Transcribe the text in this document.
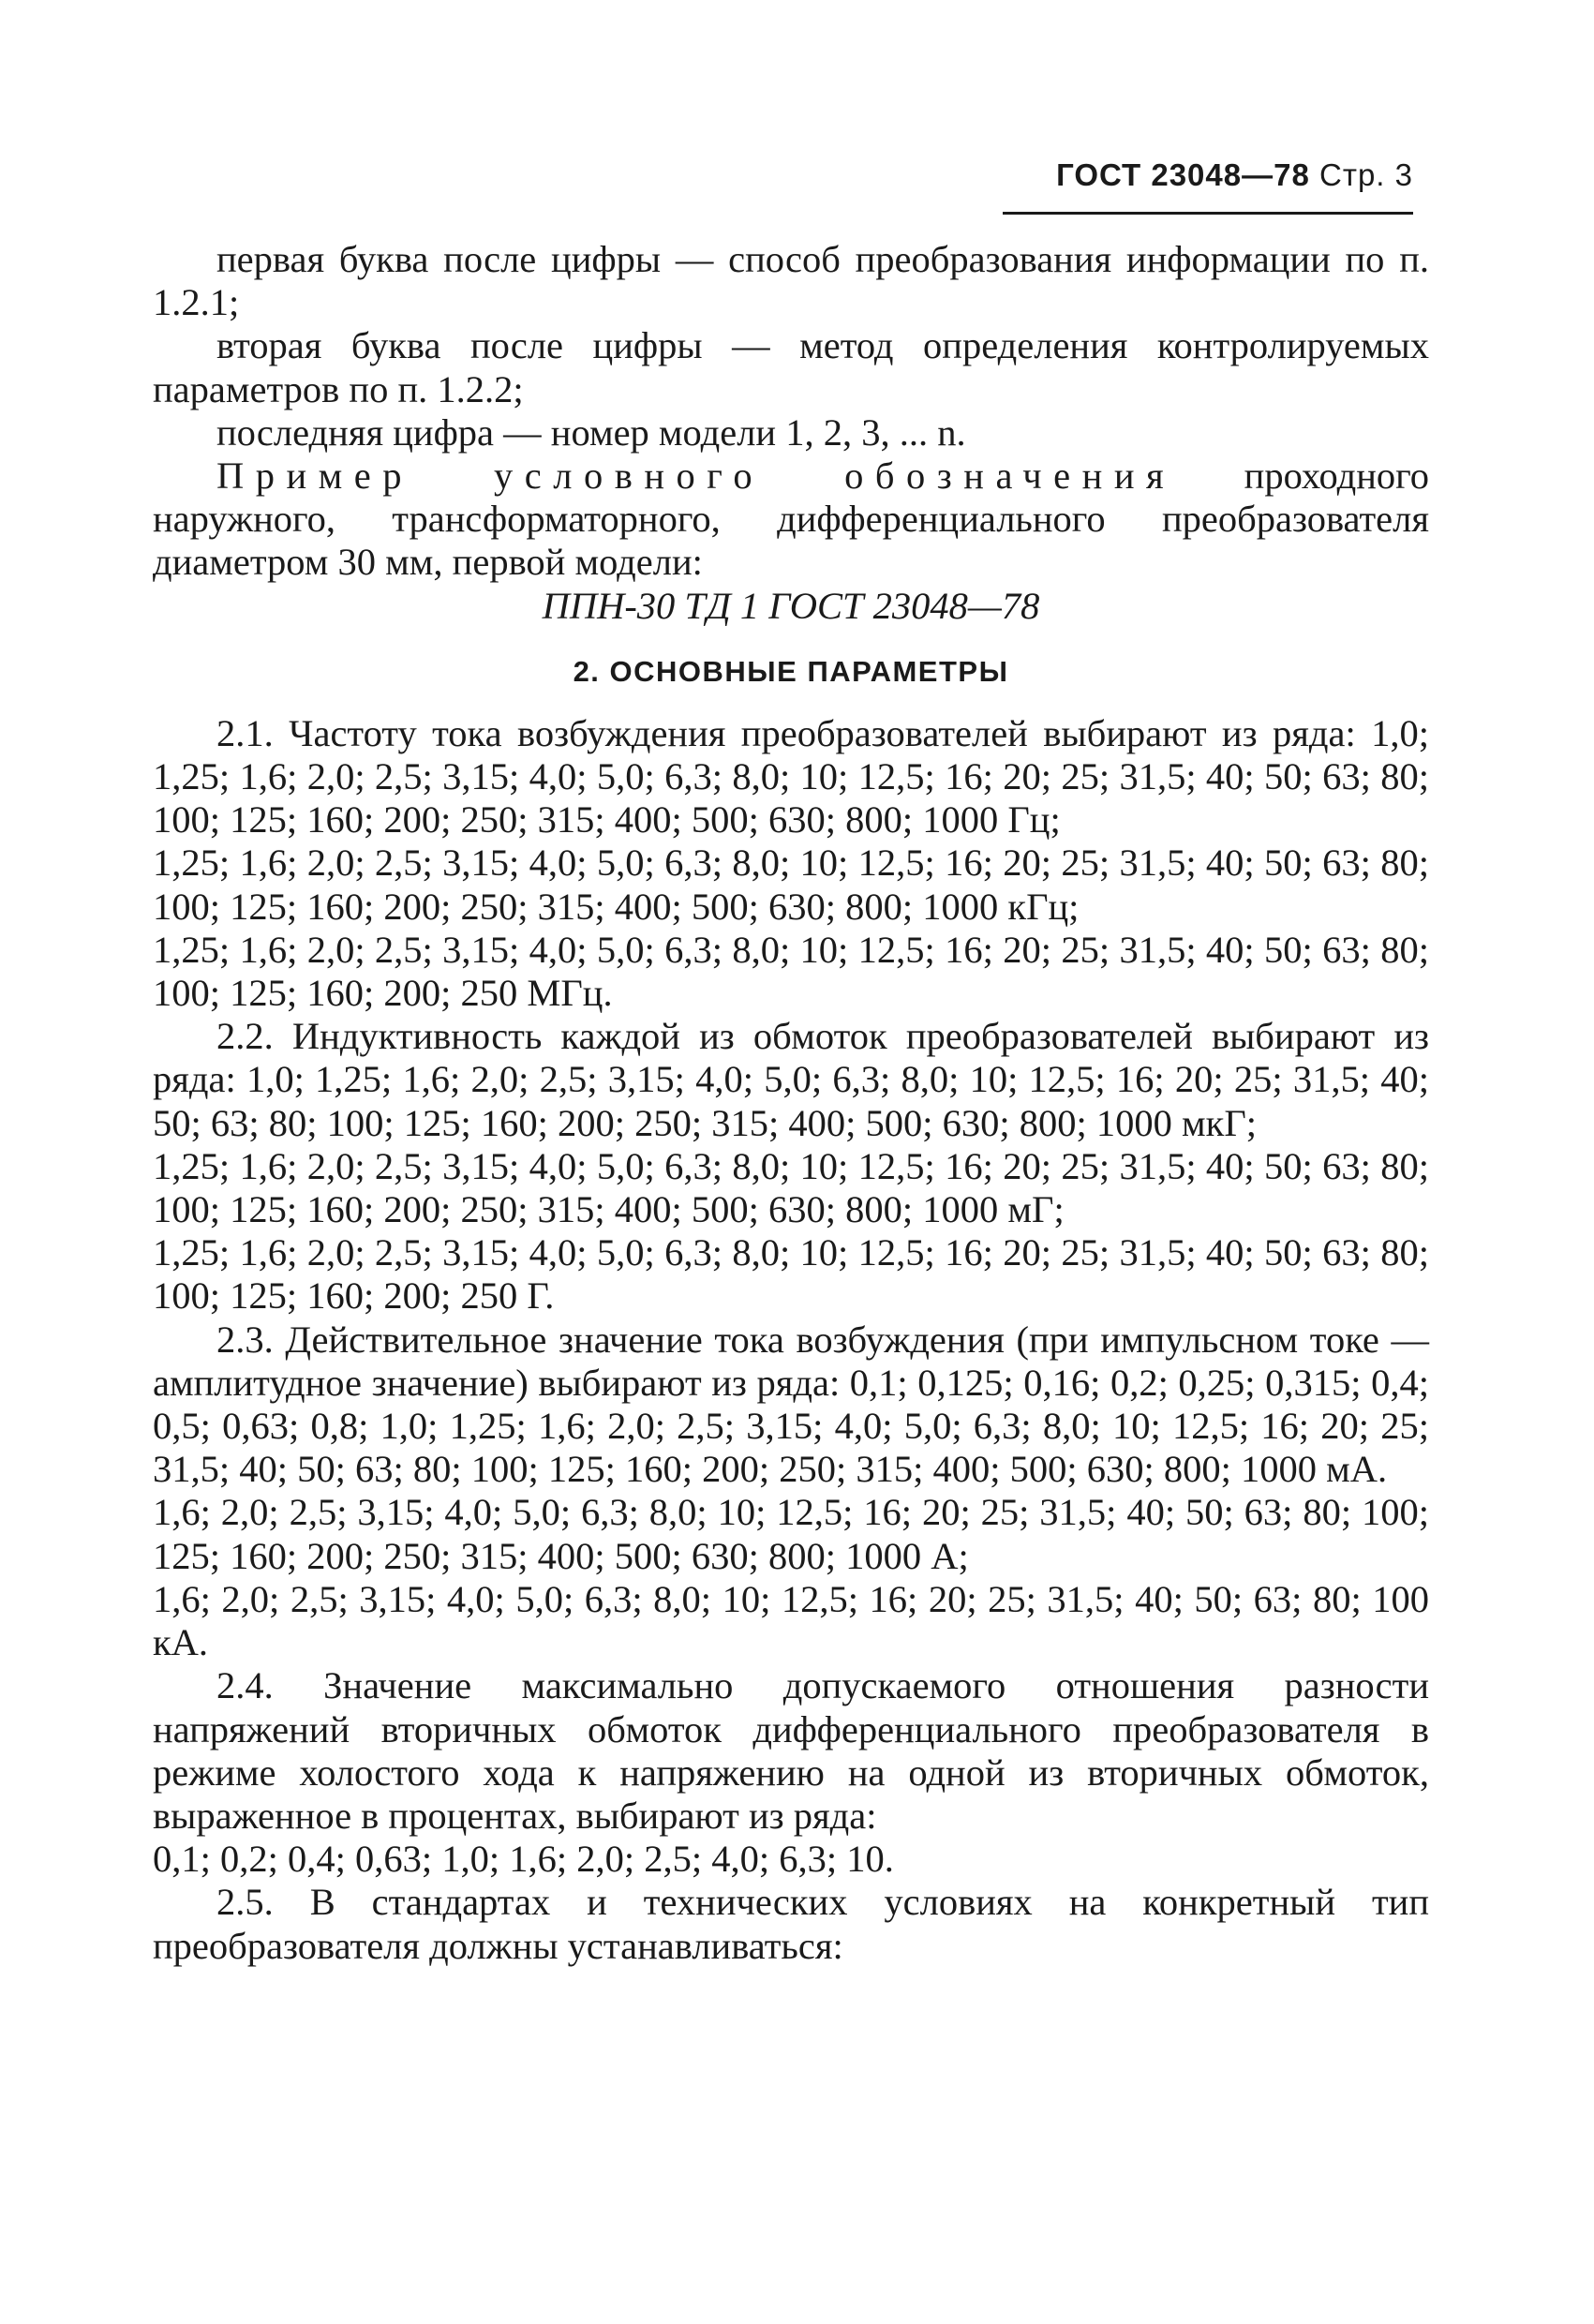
ГОСТ 23048—78 Стр. 3

первая буква после цифры — способ преобразования информации по п. 1.2.1;

вторая буква после цифры — метод определения контролируемых параметров по п. 1.2.2;

последняя цифра — номер модели 1, 2, 3, ... n.

Пример условного обозначения проходного наружного, трансформаторного, дифференциального преобразователя диаметром 30 мм, первой модели:

ППН-30 ТД 1 ГОСТ 23048—78

2. ОСНОВНЫЕ ПАРАМЕТРЫ

2.1. Частоту тока возбуждения преобразователей выбирают из ряда: 1,0; 1,25; 1,6; 2,0; 2,5; 3,15; 4,0; 5,0; 6,3; 8,0; 10; 12,5; 16; 20; 25; 31,5; 40; 50; 63; 80; 100; 125; 160; 200; 250; 315; 400; 500; 630; 800; 1000 Гц;

1,25; 1,6; 2,0; 2,5; 3,15; 4,0; 5,0; 6,3; 8,0; 10; 12,5; 16; 20; 25; 31,5; 40; 50; 63; 80; 100; 125; 160; 200; 250; 315; 400; 500; 630; 800; 1000 кГц;

1,25; 1,6; 2,0; 2,5; 3,15; 4,0; 5,0; 6,3; 8,0; 10; 12,5; 16; 20; 25; 31,5; 40; 50; 63; 80; 100; 125; 160; 200; 250 МГц.

2.2. Индуктивность каждой из обмоток преобразователей выбирают из ряда: 1,0; 1,25; 1,6; 2,0; 2,5; 3,15; 4,0; 5,0; 6,3; 8,0; 10; 12,5; 16; 20; 25; 31,5; 40; 50; 63; 80; 100; 125; 160; 200; 250; 315; 400; 500; 630; 800; 1000 мкГ;

1,25; 1,6; 2,0; 2,5; 3,15; 4,0; 5,0; 6,3; 8,0; 10; 12,5; 16; 20; 25; 31,5; 40; 50; 63; 80; 100; 125; 160; 200; 250; 315; 400; 500; 630; 800; 1000 мГ;

1,25; 1,6; 2,0; 2,5; 3,15; 4,0; 5,0; 6,3; 8,0; 10; 12,5; 16; 20; 25; 31,5; 40; 50; 63; 80; 100; 125; 160; 200; 250 Г.

2.3. Действительное значение тока возбуждения (при импульсном токе — амплитудное значение) выбирают из ряда: 0,1; 0,125; 0,16; 0,2; 0,25; 0,315; 0,4; 0,5; 0,63; 0,8; 1,0; 1,25; 1,6; 2,0; 2,5; 3,15; 4,0; 5,0; 6,3; 8,0; 10; 12,5; 16; 20; 25; 31,5; 40; 50; 63; 80; 100; 125; 160; 200; 250; 315; 400; 500; 630; 800; 1000 мА.

1,6; 2,0; 2,5; 3,15; 4,0; 5,0; 6,3; 8,0; 10; 12,5; 16; 20; 25; 31,5; 40; 50; 63; 80; 100; 125; 160; 200; 250; 315; 400; 500; 630; 800; 1000 А;

1,6; 2,0; 2,5; 3,15; 4,0; 5,0; 6,3; 8,0; 10; 12,5; 16; 20; 25; 31,5; 40; 50; 63; 80; 100 кА.

2.4. Значение максимально допускаемого отношения разности напряжений вторичных обмоток дифференциального преобразователя в режиме холостого хода к напряжению на одной из вторичных обмоток, выраженное в процентах, выбирают из ряда:

0,1; 0,2; 0,4; 0,63; 1,0; 1,6; 2,0; 2,5; 4,0; 6,3; 10.

2.5. В стандартах и технических условиях на конкретный тип преобразователя должны устанавливаться:
